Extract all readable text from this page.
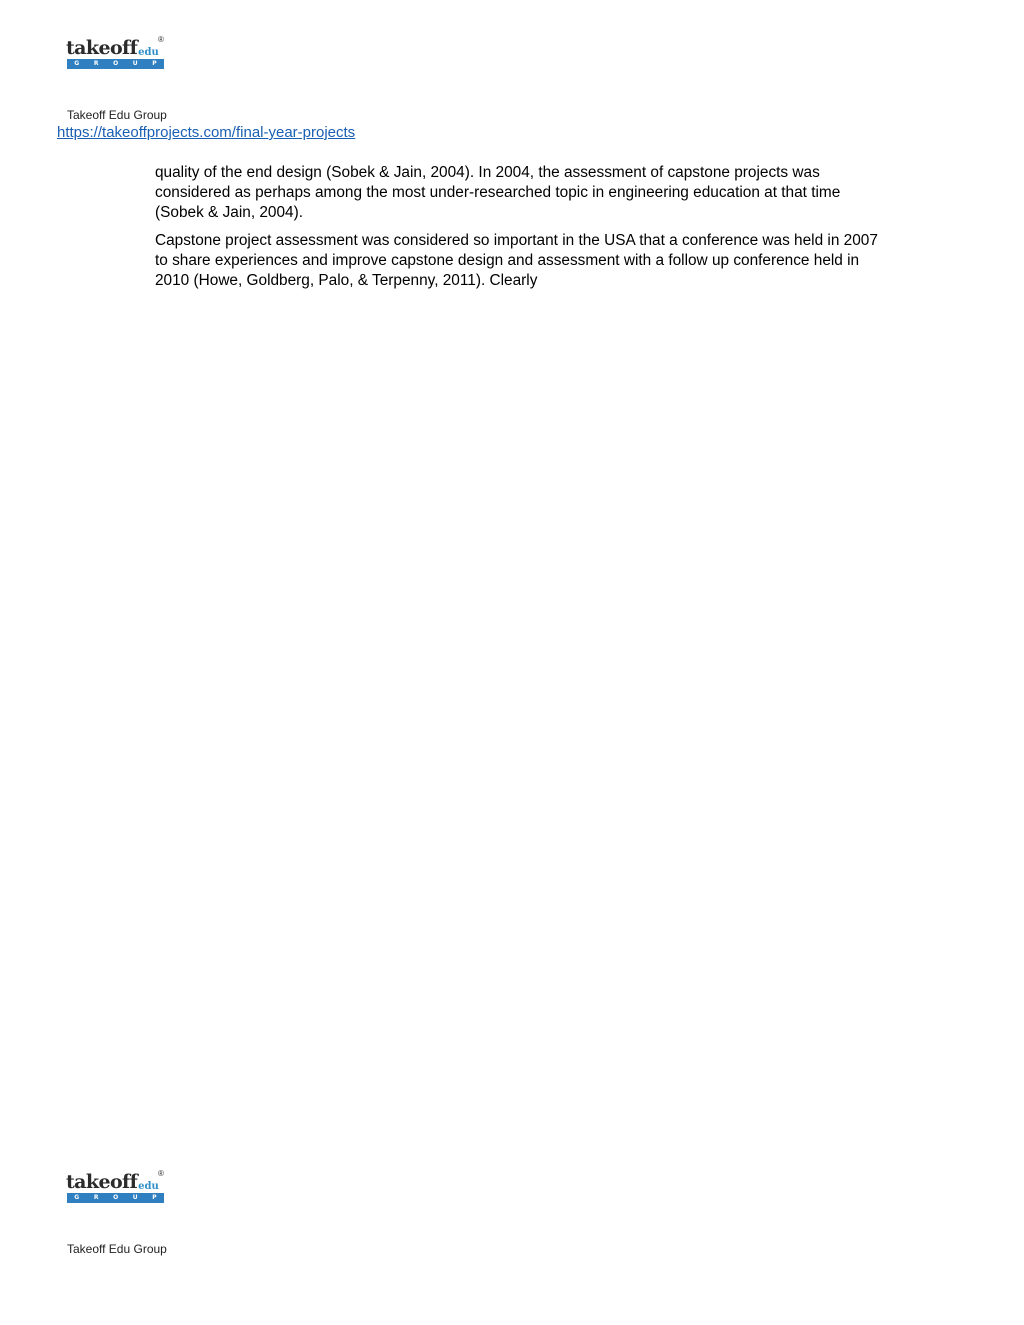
takeoff$_{edu}$
®
G R O U P

Takeoff Edu Group

https://takeoffprojects.com/final-year-projects

quality of the end design (Sobek & Jain, 2004). In 2004, the assessment of capstone projects was considered as perhaps among the most under-researched topic in engineering education at that time (Sobek & Jain, 2004).

Capstone project assessment was considered so important in the USA that a conference was held in 2007 to share experiences and improve capstone design and assessment with a follow up conference held in 2010 (Howe, Goldberg, Palo, & Terpenny, 2011). Clearly

takeoff$_{edu}$
®
G R O U P

Takeoff Edu Group
